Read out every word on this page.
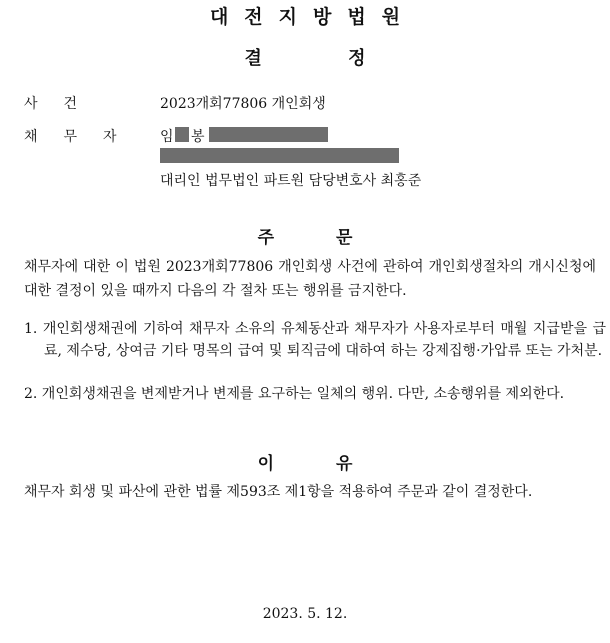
대전지방법원
결 정
사건	2023개회77806 개인회생
채무자 임 봉
대리인 법무법인 파트원 담당변호사 최홍준
주 문
채무자에 대한 이 법원 2023개회77806 개인회생 사건에 관하여 개인회생절차의 개시신청에 대한 결정이 있을 때까지 다음의 각 절차 또는 행위를 금지한다.
1. 개인회생채권에 기하여 채무자 소유의 유체동산과 채무자가 사용자로부터 매월 지급받을 급료, 제수당, 상여금 기타 명목의 급여 및 퇴직금에 대하여 하는 강제집행·가압류 또는 가처분.
2. 개인회생채권을 변제받거나 변제를 요구하는 일체의 행위. 다만, 소송행위를 제외한다.
이 유
채무자 회생 및 파산에 관한 법률 제593조 제1항을 적용하여 주문과 같이 결정한다.
2023. 5. 12.
